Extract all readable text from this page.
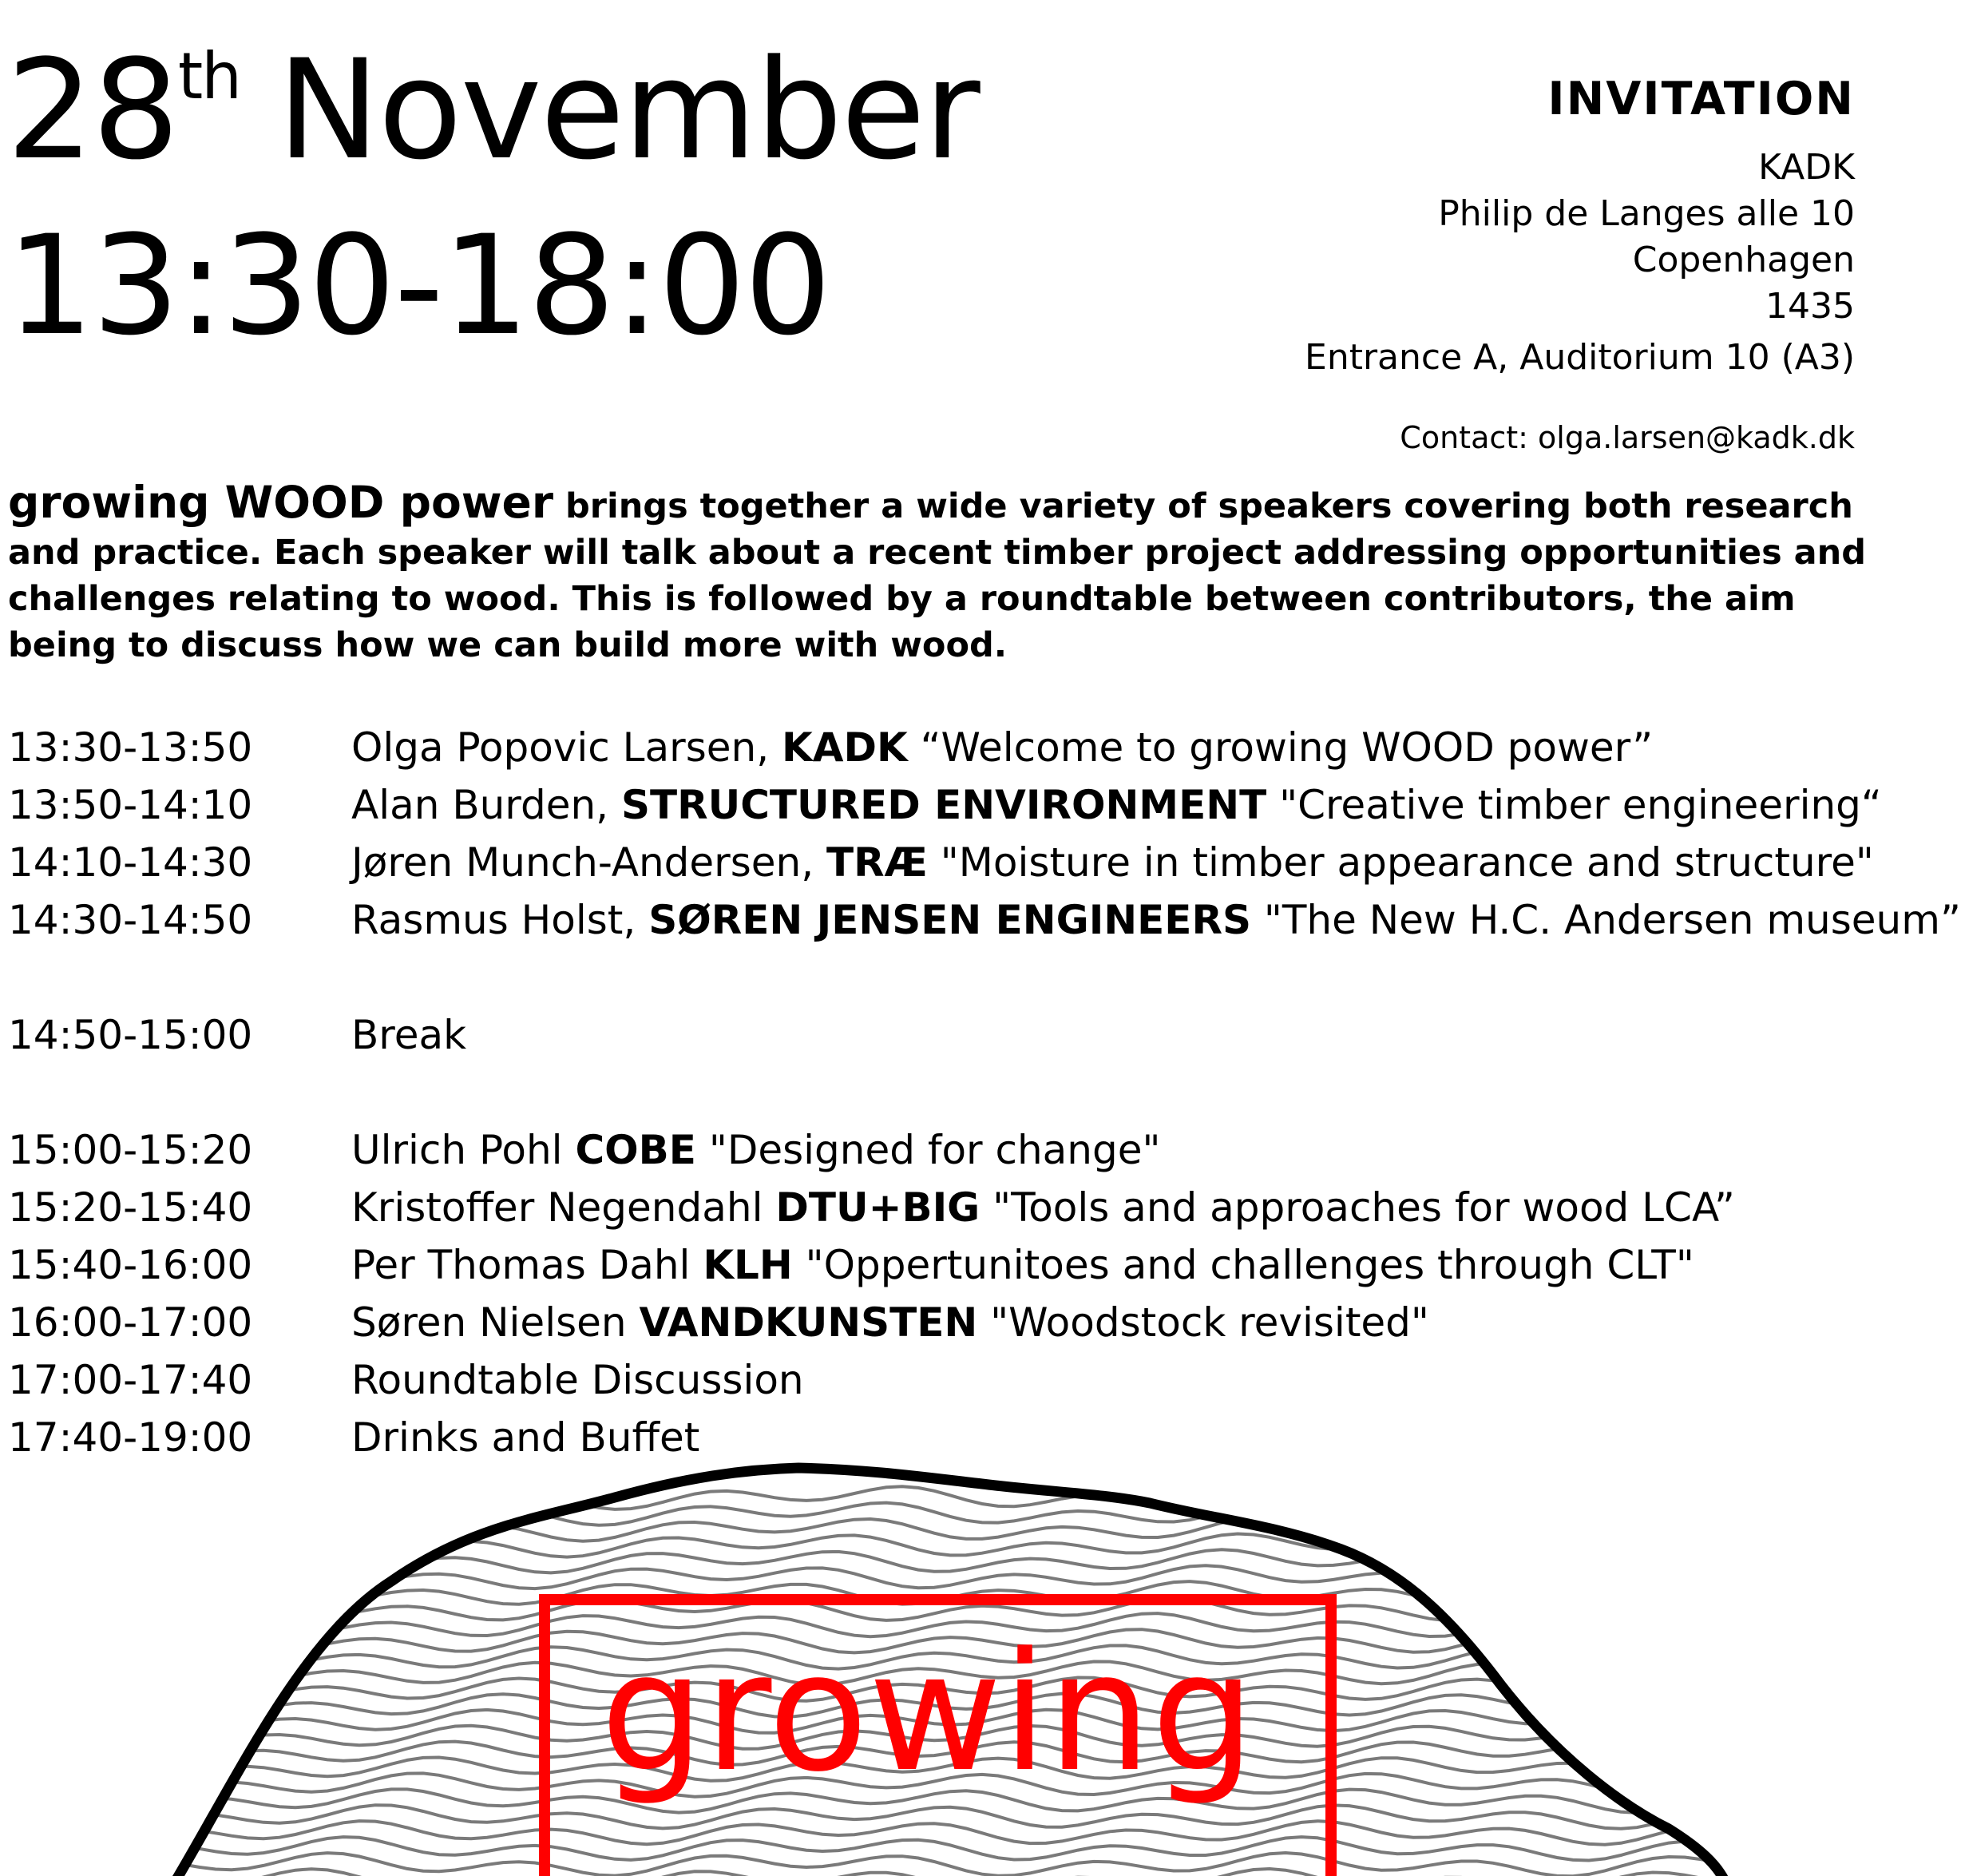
28th November
13:30-18:00
INVITATION
KADK
Philip de Langes alle 10
Copenhagen
1435
Entrance A, Auditorium 10 (A3)
Contact: olga.larsen@kadk.dk
growing WOOD power brings together a wide variety of speakers covering both research and practice. Each speaker will talk about a recent timber project addressing opportunities and challenges relating to wood. This is followed by a roundtable between contributors, the aim being to discuss how we can build more with wood.
13:30-13:50	Olga Popovic Larsen, KADK “Welcome to growing WOOD power”
13:50-14:10	Alan Burden, STRUCTURED ENVIRONMENT "Creative timber engineering“
14:10-14:30	Jøren Munch-Andersen, TRÆ "Moisture in timber appearance and structure"
14:30-14:50	Rasmus Holst, SØREN JENSEN ENGINEERS "The New H.C. Andersen museum”
14:50-15:00	Break
15:00-15:20	Ulrich Pohl COBE "Designed for change"
15:20-15:40	Kristoffer Negendahl DTU+BIG "Tools and approaches for wood LCA”
15:40-16:00	Per Thomas Dahl KLH "Oppertunitoes and challenges through CLT"
16:00-17:00	Søren Nielsen VANDKUNSTEN "Woodstock revisited"
17:00-17:40	Roundtable Discussion
17:40-19:00	Drinks and Buffet
growing
